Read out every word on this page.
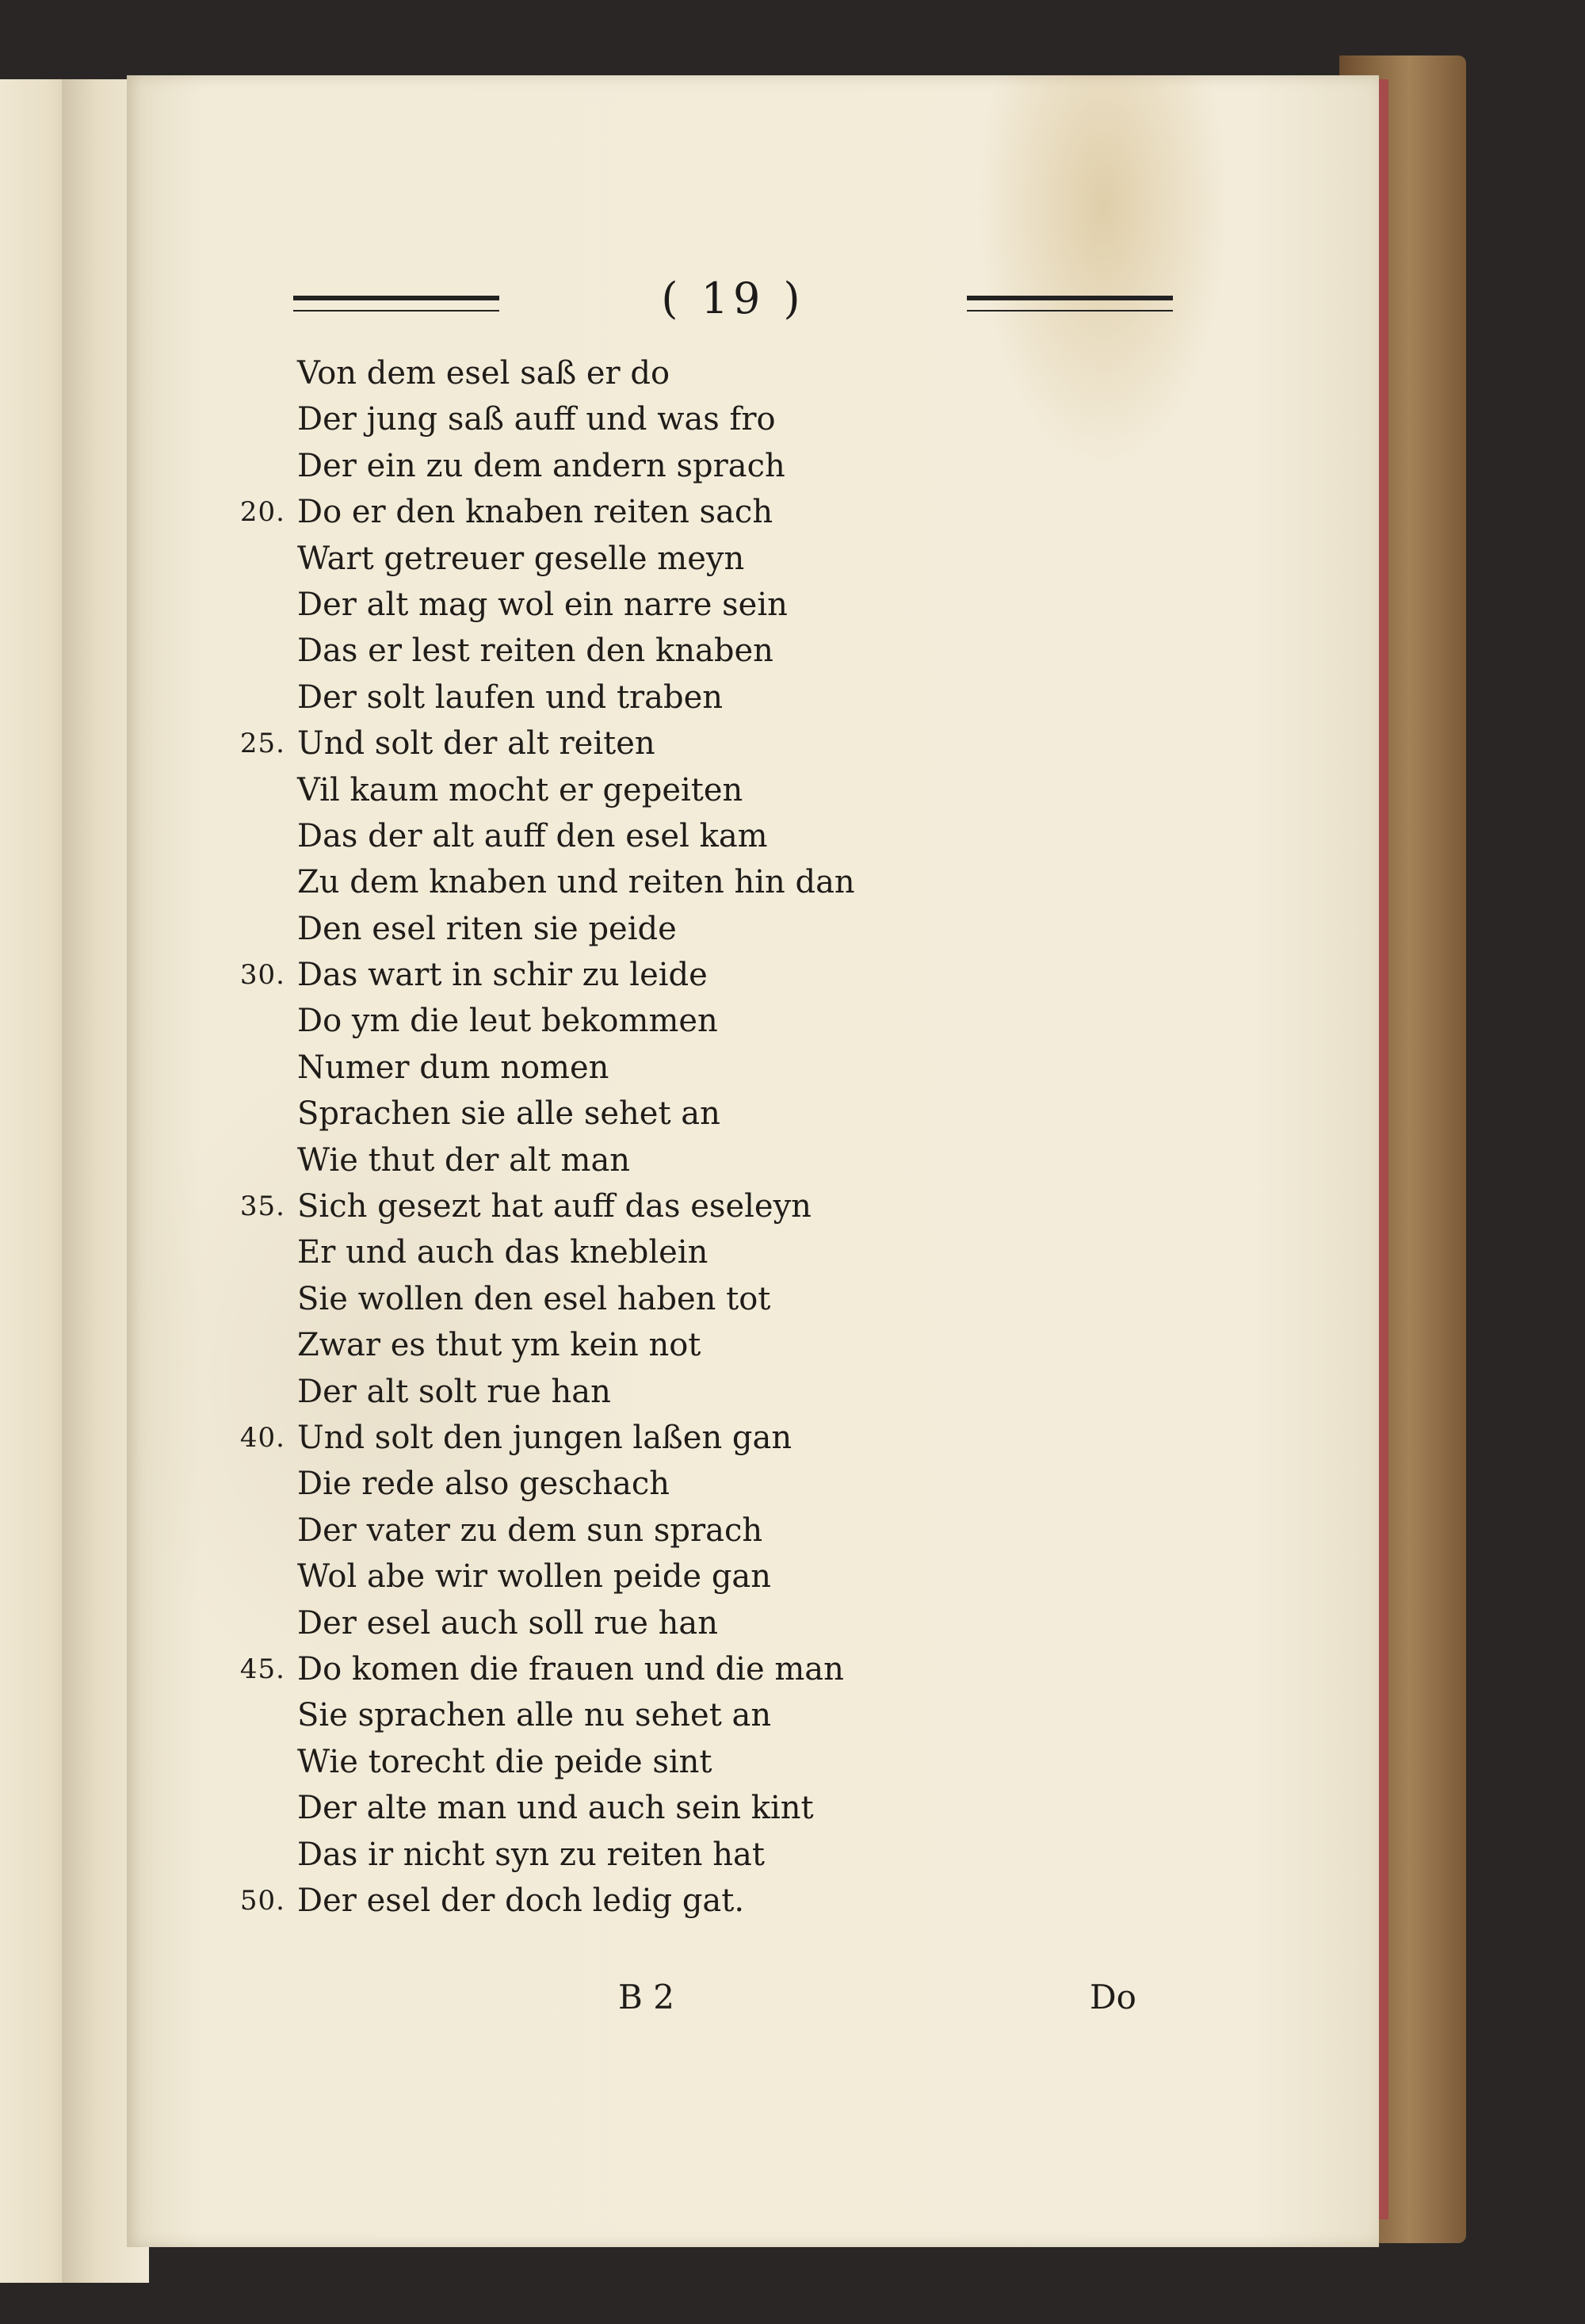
( 19 )
Von dem esel saß er do
Der jung saß auff und was fro
Der ein zu dem andern sprach
20. Do er den knaben reiten sach
Wart getreuer geselle meyn
Der alt mag wol ein narre sein
Das er lest reiten den knaben
Der solt laufen und traben
25. Und solt der alt reiten
Vil kaum mocht er gepeiten
Das der alt auff den esel kam
Zu dem knaben und reiten hin dan
Den esel riten sie peide
30. Das wart in schir zu leide
Do ym die leut bekommen
Numer dum nomen
Sprachen sie alle sehet an
Wie thut der alt man
35. Sich gesezt hat auff das eseleyn
Er und auch das kneblein
Sie wollen den esel haben tot
Zwar es thut ym kein not
Der alt solt rue han
40. Und solt den jungen laßen gan
Die rede also geschach
Der vater zu dem sun sprach
Wol abe wir wollen peide gan
Der esel auch soll rue han
45. Do komen die frauen und die man
Sie sprachen alle nu sehet an
Wie torecht die peide sint
Der alte man und auch sein kint
Das ir nicht syn zu reiten hat
50. Der esel der doch ledig gat.
B 2	Do
